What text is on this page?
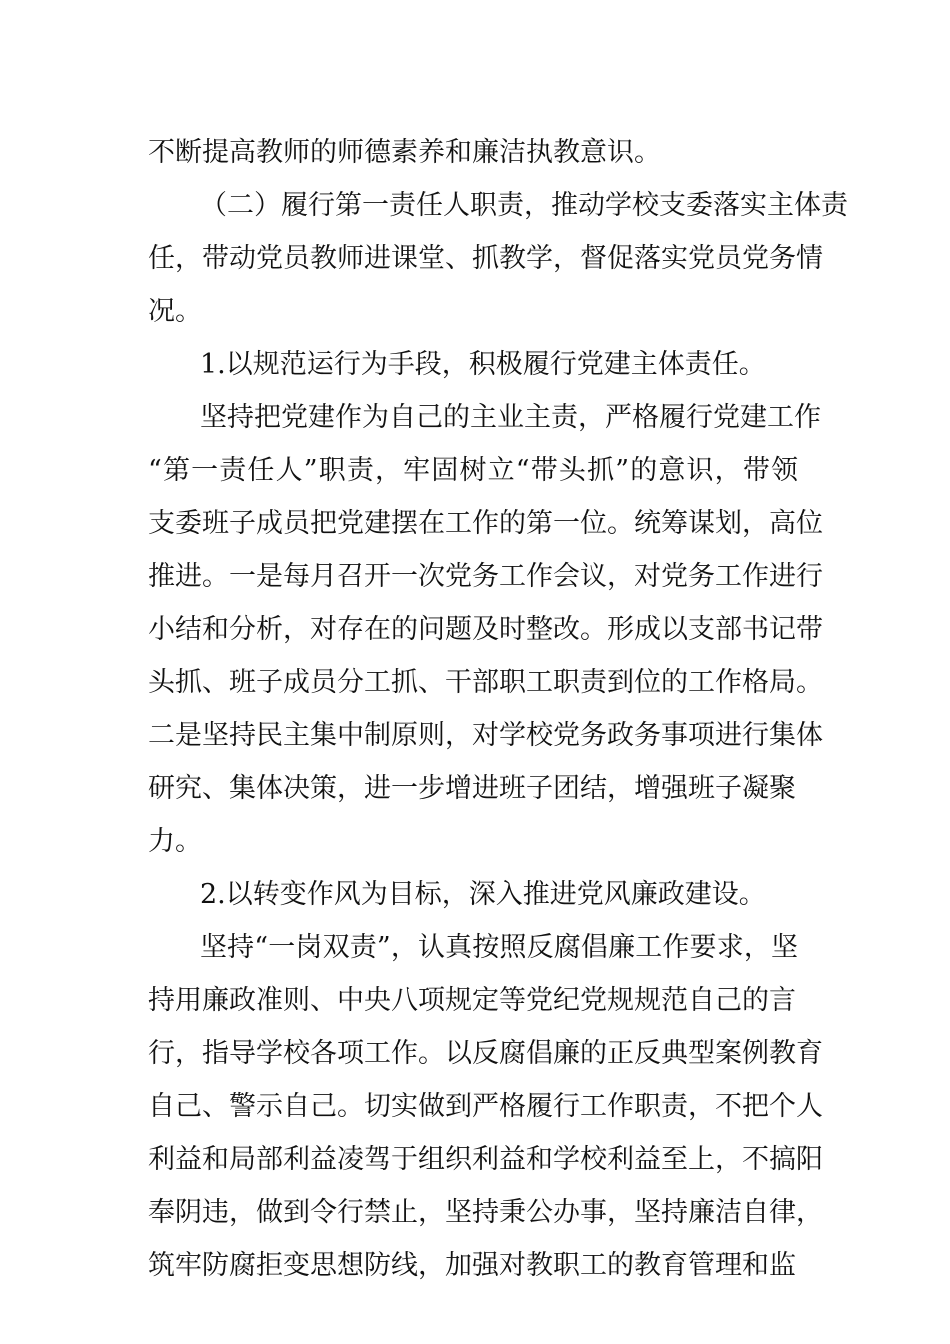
不断提高教师的师德素养和廉洁执教意识。
（二）履行第一责任人职责，推动学校支委落实主体责
任，带动党员教师进课堂、抓教学，督促落实党员党务情
况。
1.以规范运行为手段，积极履行党建主体责任。
坚持把党建作为自己的主业主责，严格履行党建工作
“第一责任人”职责，牢固树立“带头抓”的意识，带领
支委班子成员把党建摆在工作的第一位。统筹谋划，高位
推进。一是每月召开一次党务工作会议，对党务工作进行
小结和分析，对存在的问题及时整改。形成以支部书记带
头抓、班子成员分工抓、干部职工职责到位的工作格局。
二是坚持民主集中制原则，对学校党务政务事项进行集体
研究、集体决策，进一步增进班子团结，增强班子凝聚
力。
2.以转变作风为目标，深入推进党风廉政建设。
坚持“一岗双责”，认真按照反腐倡廉工作要求，坚
持用廉政准则、中央八项规定等党纪党规规范自己的言
行，指导学校各项工作。以反腐倡廉的正反典型案例教育
自己、警示自己。切实做到严格履行工作职责，不把个人
利益和局部利益凌驾于组织利益和学校利益至上，不搞阳
奉阴违，做到令行禁止，坚持秉公办事，坚持廉洁自律，
筑牢防腐拒变思想防线，加强对教职工的教育管理和监
